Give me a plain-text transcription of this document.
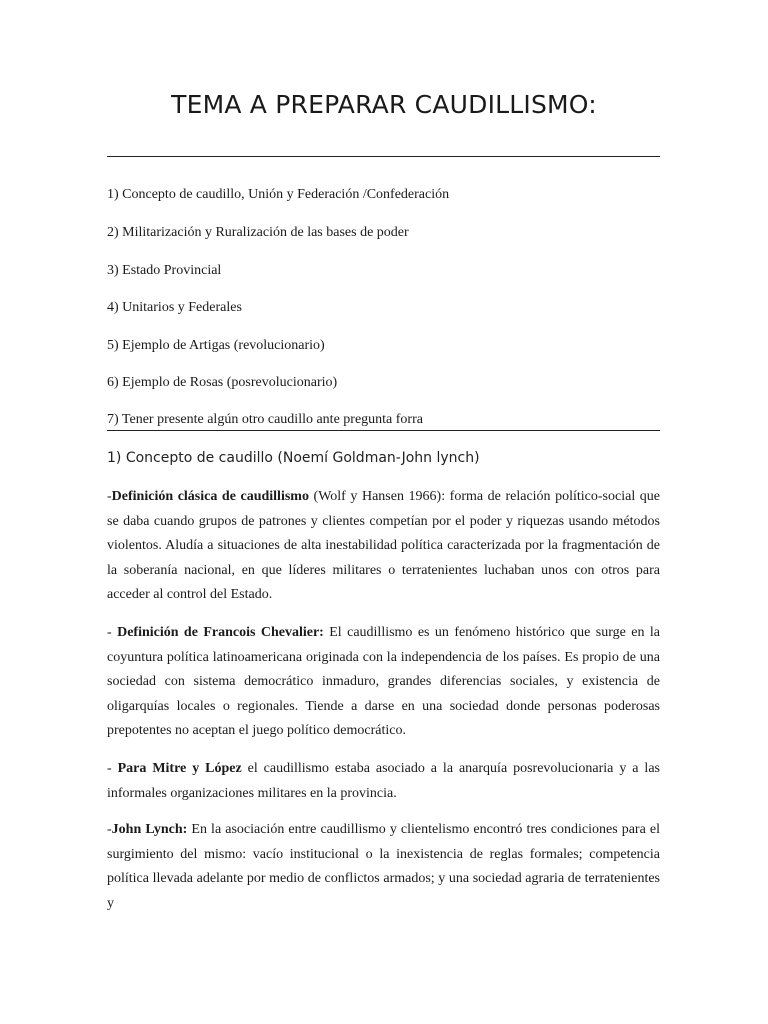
TEMA A PREPARAR CAUDILLISMO:
1) Concepto de caudillo, Unión y Federación /Confederación
2) Militarización y Ruralización de las bases de poder
3) Estado Provincial
4) Unitarios y Federales
5) Ejemplo de Artigas (revolucionario)
6) Ejemplo de Rosas (posrevolucionario)
7) Tener presente algún otro caudillo ante pregunta forra
1) Concepto de caudillo (Noemí Goldman-John lynch)
-Definición clásica de caudillismo (Wolf y Hansen 1966): forma de relación político-social que se daba cuando grupos de patrones y clientes competían por el poder y riquezas usando métodos violentos. Aludía a situaciones de alta inestabilidad política caracterizada por la fragmentación de la soberanía nacional, en que líderes militares o terratenientes luchaban unos con otros para acceder al control del Estado.
- Definición de Francois Chevalier: El caudillismo es un fenómeno histórico que surge en la coyuntura política latinoamericana originada con la independencia de los países. Es propio de una sociedad con sistema democrático inmaduro, grandes diferencias sociales, y existencia de oligarquías locales o regionales. Tiende a darse en una sociedad donde personas poderosas prepotentes no aceptan el juego político democrático.
- Para Mitre y López el caudillismo estaba asociado a la anarquía posrevolucionaria y a las informales organizaciones militares en la provincia.
-John Lynch: En la asociación entre caudillismo y clientelismo encontró tres condiciones para el surgimiento del mismo: vacío institucional o la inexistencia de reglas formales; competencia política llevada adelante por medio de conflictos armados; y una sociedad agraria de terratenientes y
